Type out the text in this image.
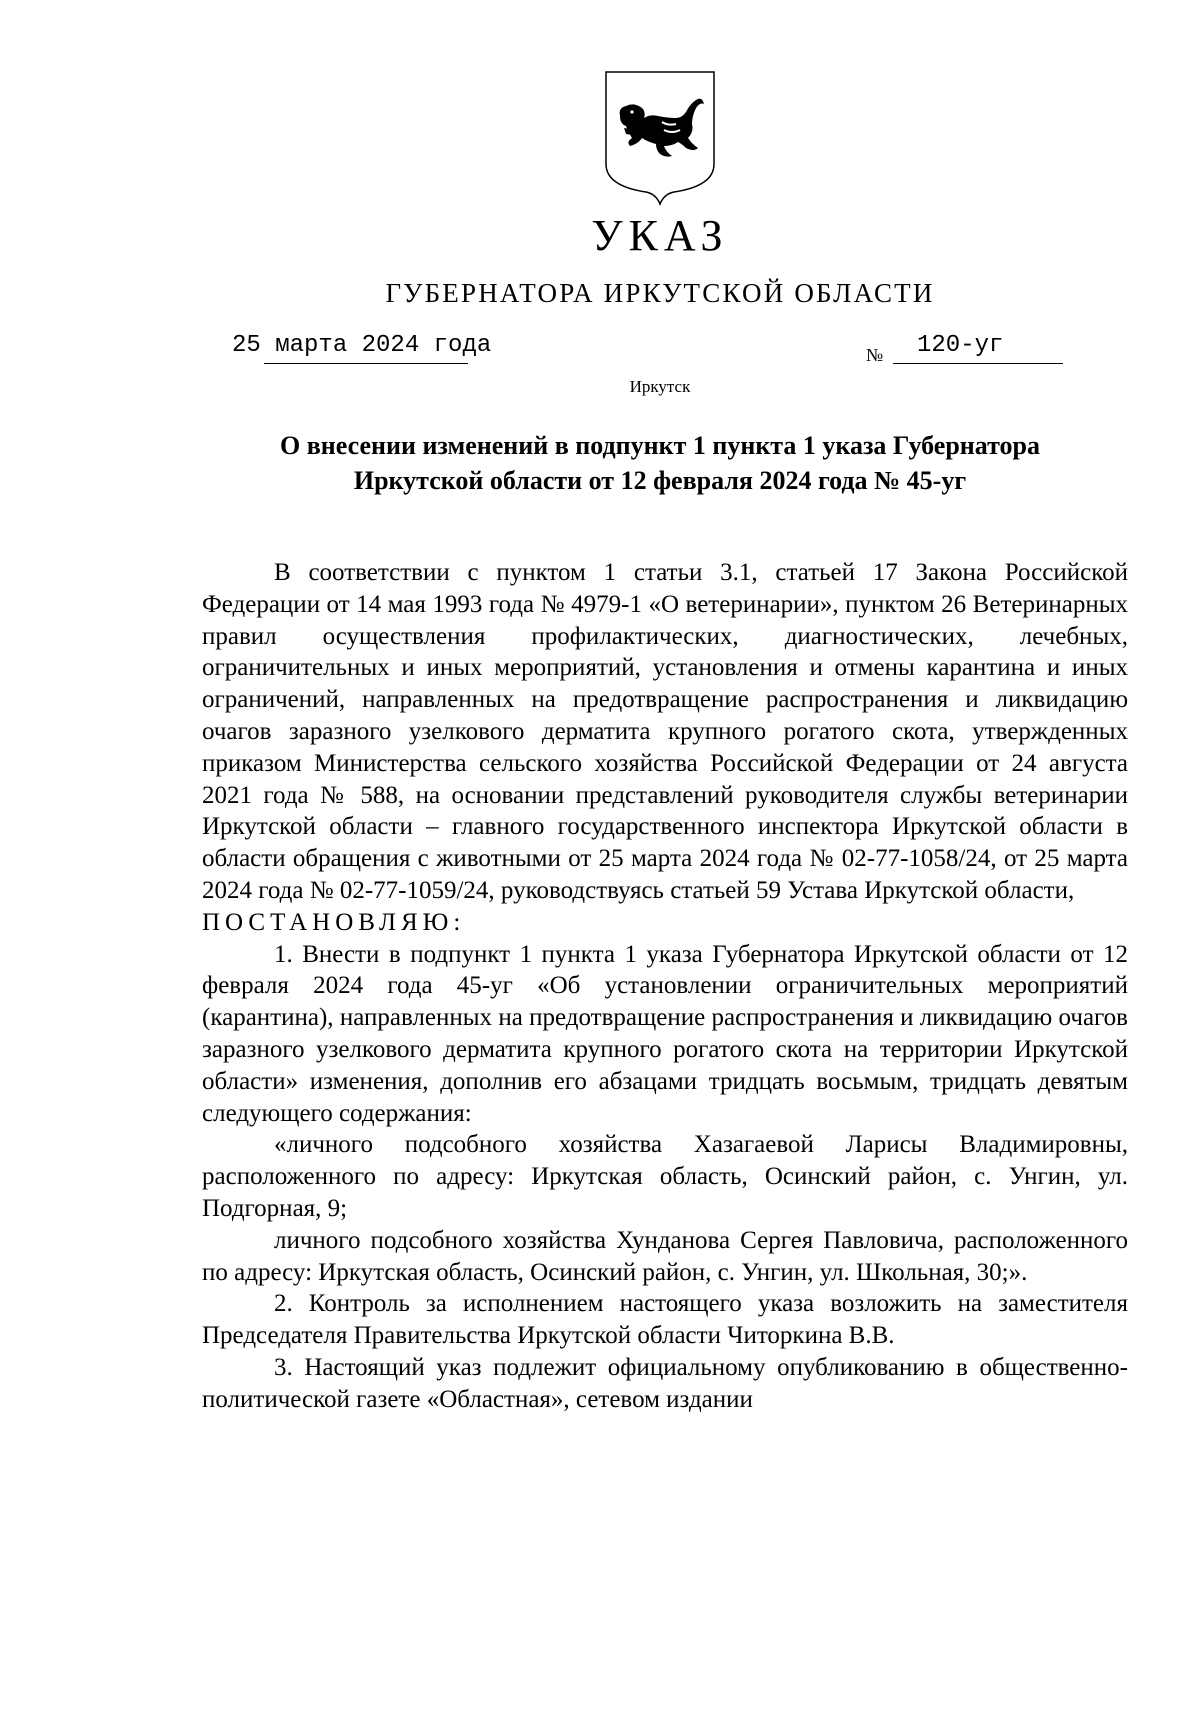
УКАЗ
ГУБЕРНАТОРА ИРКУТСКОЙ ОБЛАСТИ
25 марта 2024 года	№ 120-уг
Иркутск
О внесении изменений в подпункт 1 пункта 1 указа Губернатора
Иркутской области от 12 февраля 2024 года № 45-уг

В соответствии с пунктом 1 статьи 3.1, статьей 17 Закона Российской Федерации от 14 мая 1993 года № 4979-1 «О ветеринарии», пунктом 26 Ветеринарных правил осуществления профилактических, диагностических, лечебных, ограничительных и иных мероприятий, установления и отмены карантина и иных ограничений, направленных на предотвращение распространения и ликвидацию очагов заразного узелкового дерматита крупного рогатого скота, утвержденных приказом Министерства сельского хозяйства Российской Федерации от 24 августа 2021 года № 588, на основании представлений руководителя службы ветеринарии Иркутской области – главного государственного инспектора Иркутской области в области обращения с животными от 25 марта 2024 года № 02-77-1058/24, от 25 марта 2024 года № 02-77-1059/24, руководствуясь статьей 59 Устава Иркутской области,

ПОСТАНОВЛЯЮ:

1. Внести в подпункт 1 пункта 1 указа Губернатора Иркутской области от 12 февраля 2024 года 45-уг «Об установлении ограничительных мероприятий (карантина), направленных на предотвращение распространения и ликвидацию очагов заразного узелкового дерматита крупного рогатого скота на территории Иркутской области» изменения, дополнив его абзацами тридцать восьмым, тридцать девятым следующего содержания:

«личного подсобного хозяйства Хазагаевой Ларисы Владимировны, расположенного по адресу: Иркутская область, Осинский район, с. Унгин, ул. Подгорная, 9;

личного подсобного хозяйства Хунданова Сергея Павловича, расположенного по адресу: Иркутская область, Осинский район, с. Унгин, ул. Школьная, 30;».

2. Контроль за исполнением настоящего указа возложить на заместителя Председателя Правительства Иркутской области Читоркина В.В.

3. Настоящий указ подлежит официальному опубликованию в общественно-политической газете «Областная», сетевом издании
